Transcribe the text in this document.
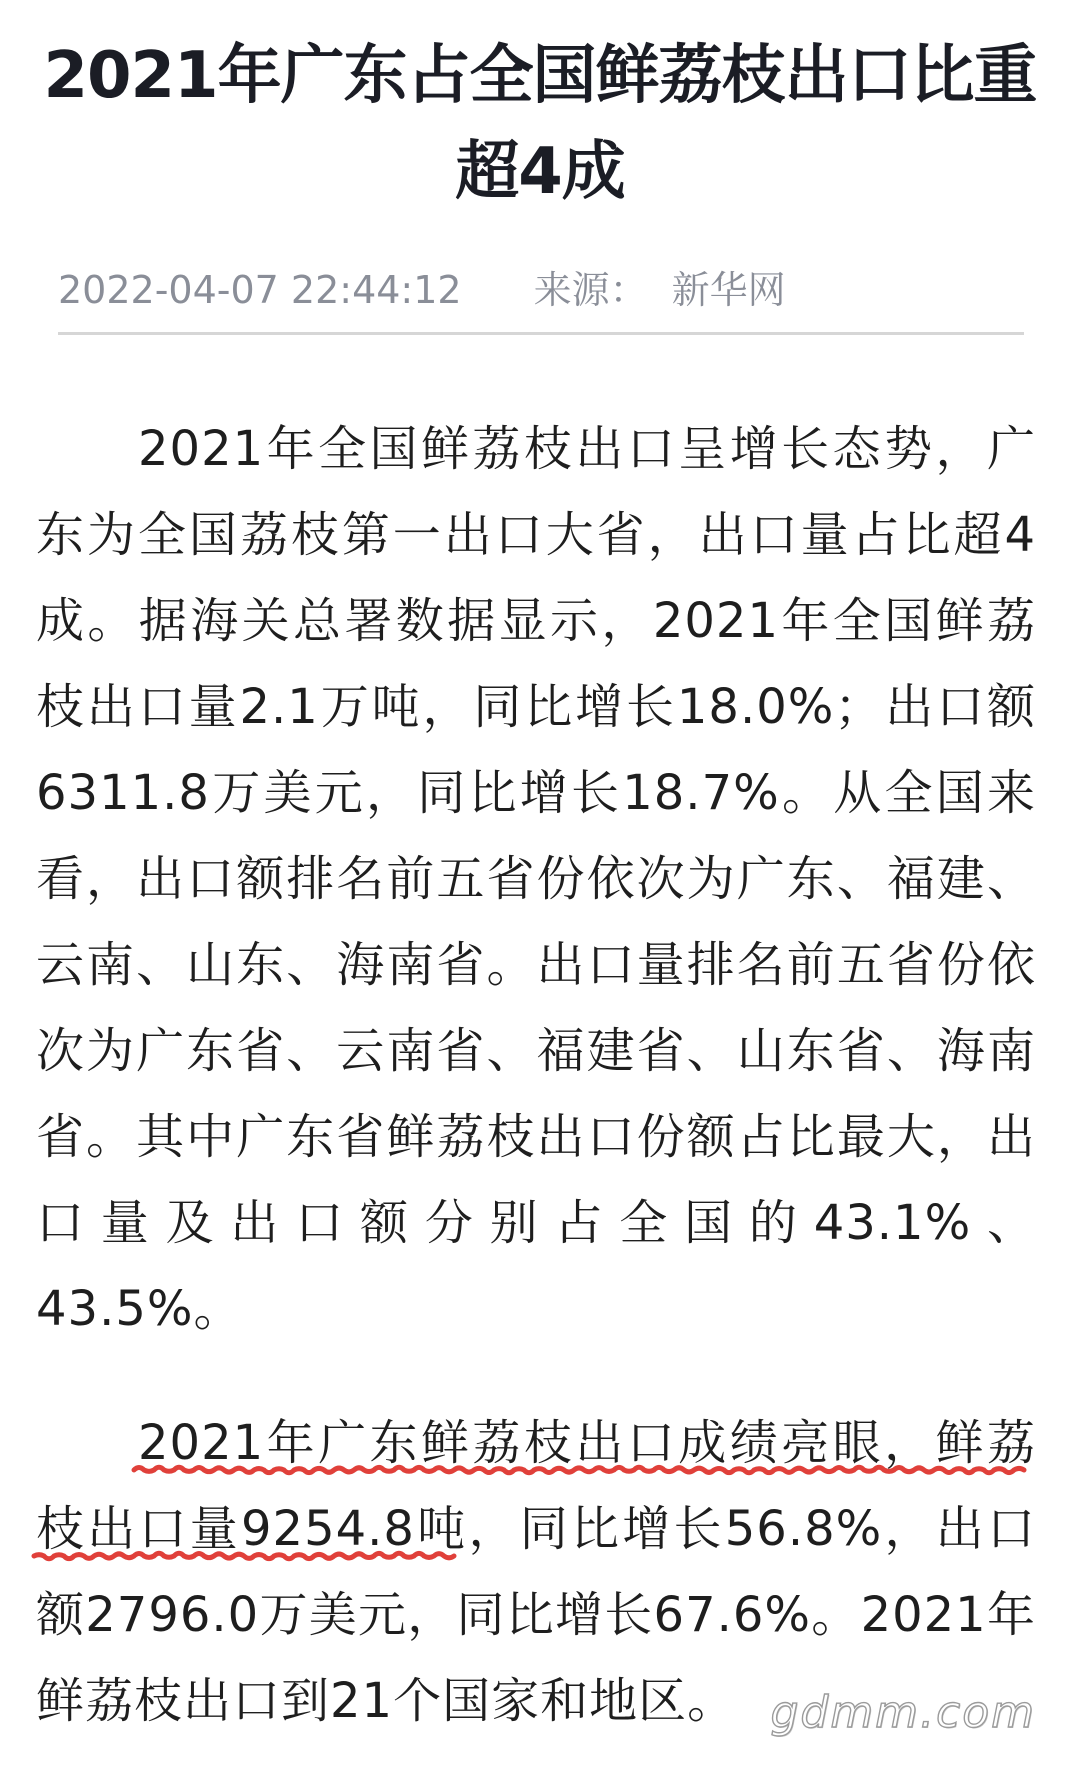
2021年广东占全国鲜荔枝出口比重超4成
2022-04-07 22:44:12 来源： 新华网

2021年全国鲜荔枝出口呈增长态势，广东为全国荔枝第一出口大省，出口量占比超4成。据海关总署数据显示，2021年全国鲜荔枝出口量2.1万吨，同比增长18.0%；出口额6311.8万美元，同比增长18.7%。从全国来看，出口额排名前五省份依次为广东、福建、云南、山东、海南省。出口量排名前五省份依次为广东省、云南省、福建省、山东省、海南省。其中广东省鲜荔枝出口份额占比最大，出口量及出口额分别占全国的43.1%、43.5%。

2021年广东鲜荔枝出口成绩亮眼，鲜荔枝出口量9254.8吨，同比增长56.8%，出口额2796.0万美元，同比增长67.6%。2021年鲜荔枝出口到21个国家和地区。 gdmm.com
